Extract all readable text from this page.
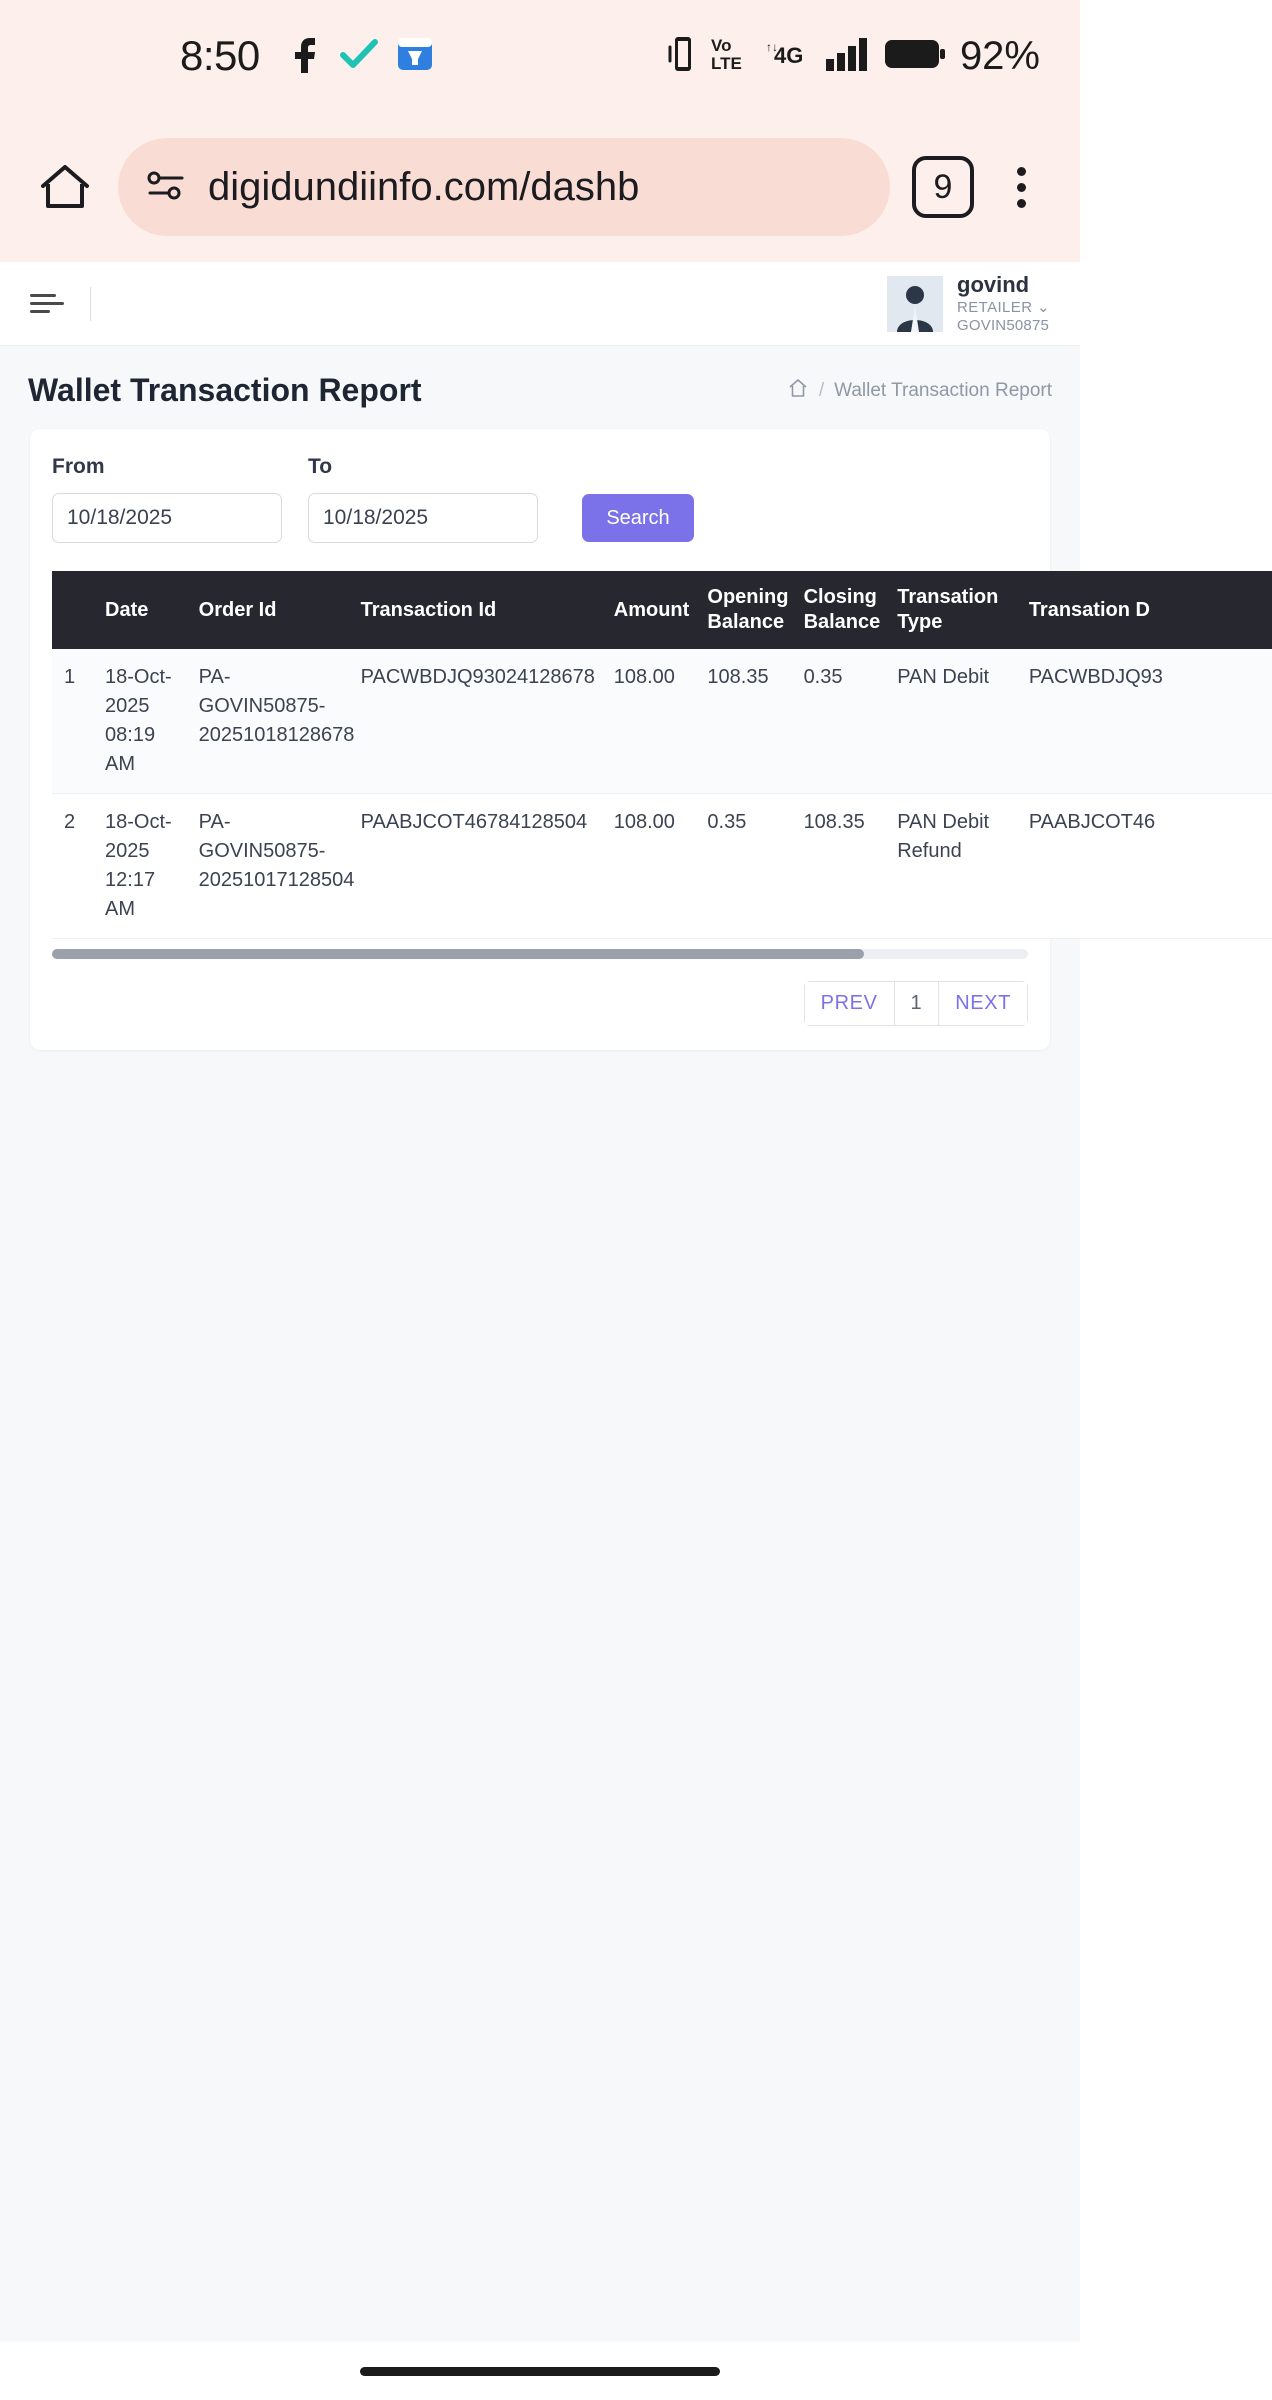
8:50	Vo
LTE
↑↓
4G	92%
digidundiinfo.com/dashb	9
govind
RETAILER ⌄
GOVIN50875
Wallet Transaction Report	/ Wallet Transaction Report
From
10/18/2025	To
10/18/2025
Search
	Date	Order Id	Transaction Id	Amount	Opening Balance	Closing Balance	Transation Type	Transation D
1	18-Oct-2025 08:19 AM	PA-GOVIN50875-20251018128678	PACWBDJQ93024128678	108.00	108.35	0.35	PAN Debit	PACWBDJQ93
2	18-Oct-2025 12:17 AM	PA-GOVIN50875-20251017128504	PAABJCOT46784128504	108.00	0.35	108.35	PAN Debit Refund	PAABJCOT46
PREV	1	NEXT
